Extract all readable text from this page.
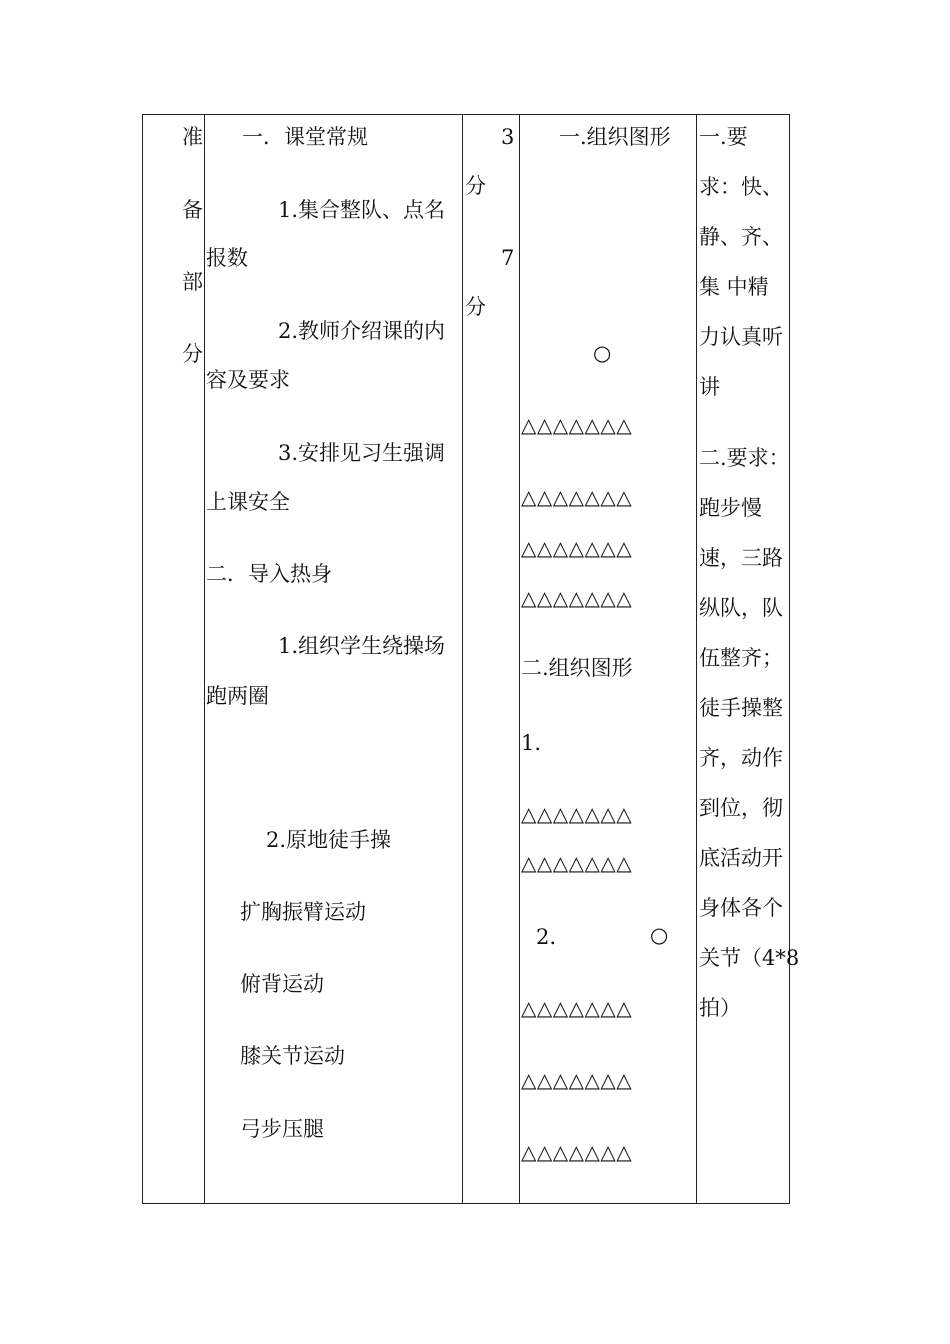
准
备
部
分
一．课堂常规
1.集合整队、点名
报数
2.教师介绍课的内
容及要求
3.安排见习生强调
上课安全
二．导入热身
1.组织学生绕操场
跑两圈
2.原地徒手操
扩胸振臂运动
俯背运动
膝关节运动
弓步压腿
3
分
7
分
一.组织图形
○
△△△△△△△
△△△△△△△
△△△△△△△
△△△△△△△
二.组织图形
1.
△△△△△△△
△△△△△△△
2.	○
△△△△△△△
△△△△△△△
△△△△△△△
一.要
求：快、
静、齐、
集 中精
力认真听
讲
二.要求：
跑步慢
速，三路
纵队，队
伍整齐；
徒手操整
齐，动作
到位，彻
底活动开
身体各个
关节（4*8
拍）
